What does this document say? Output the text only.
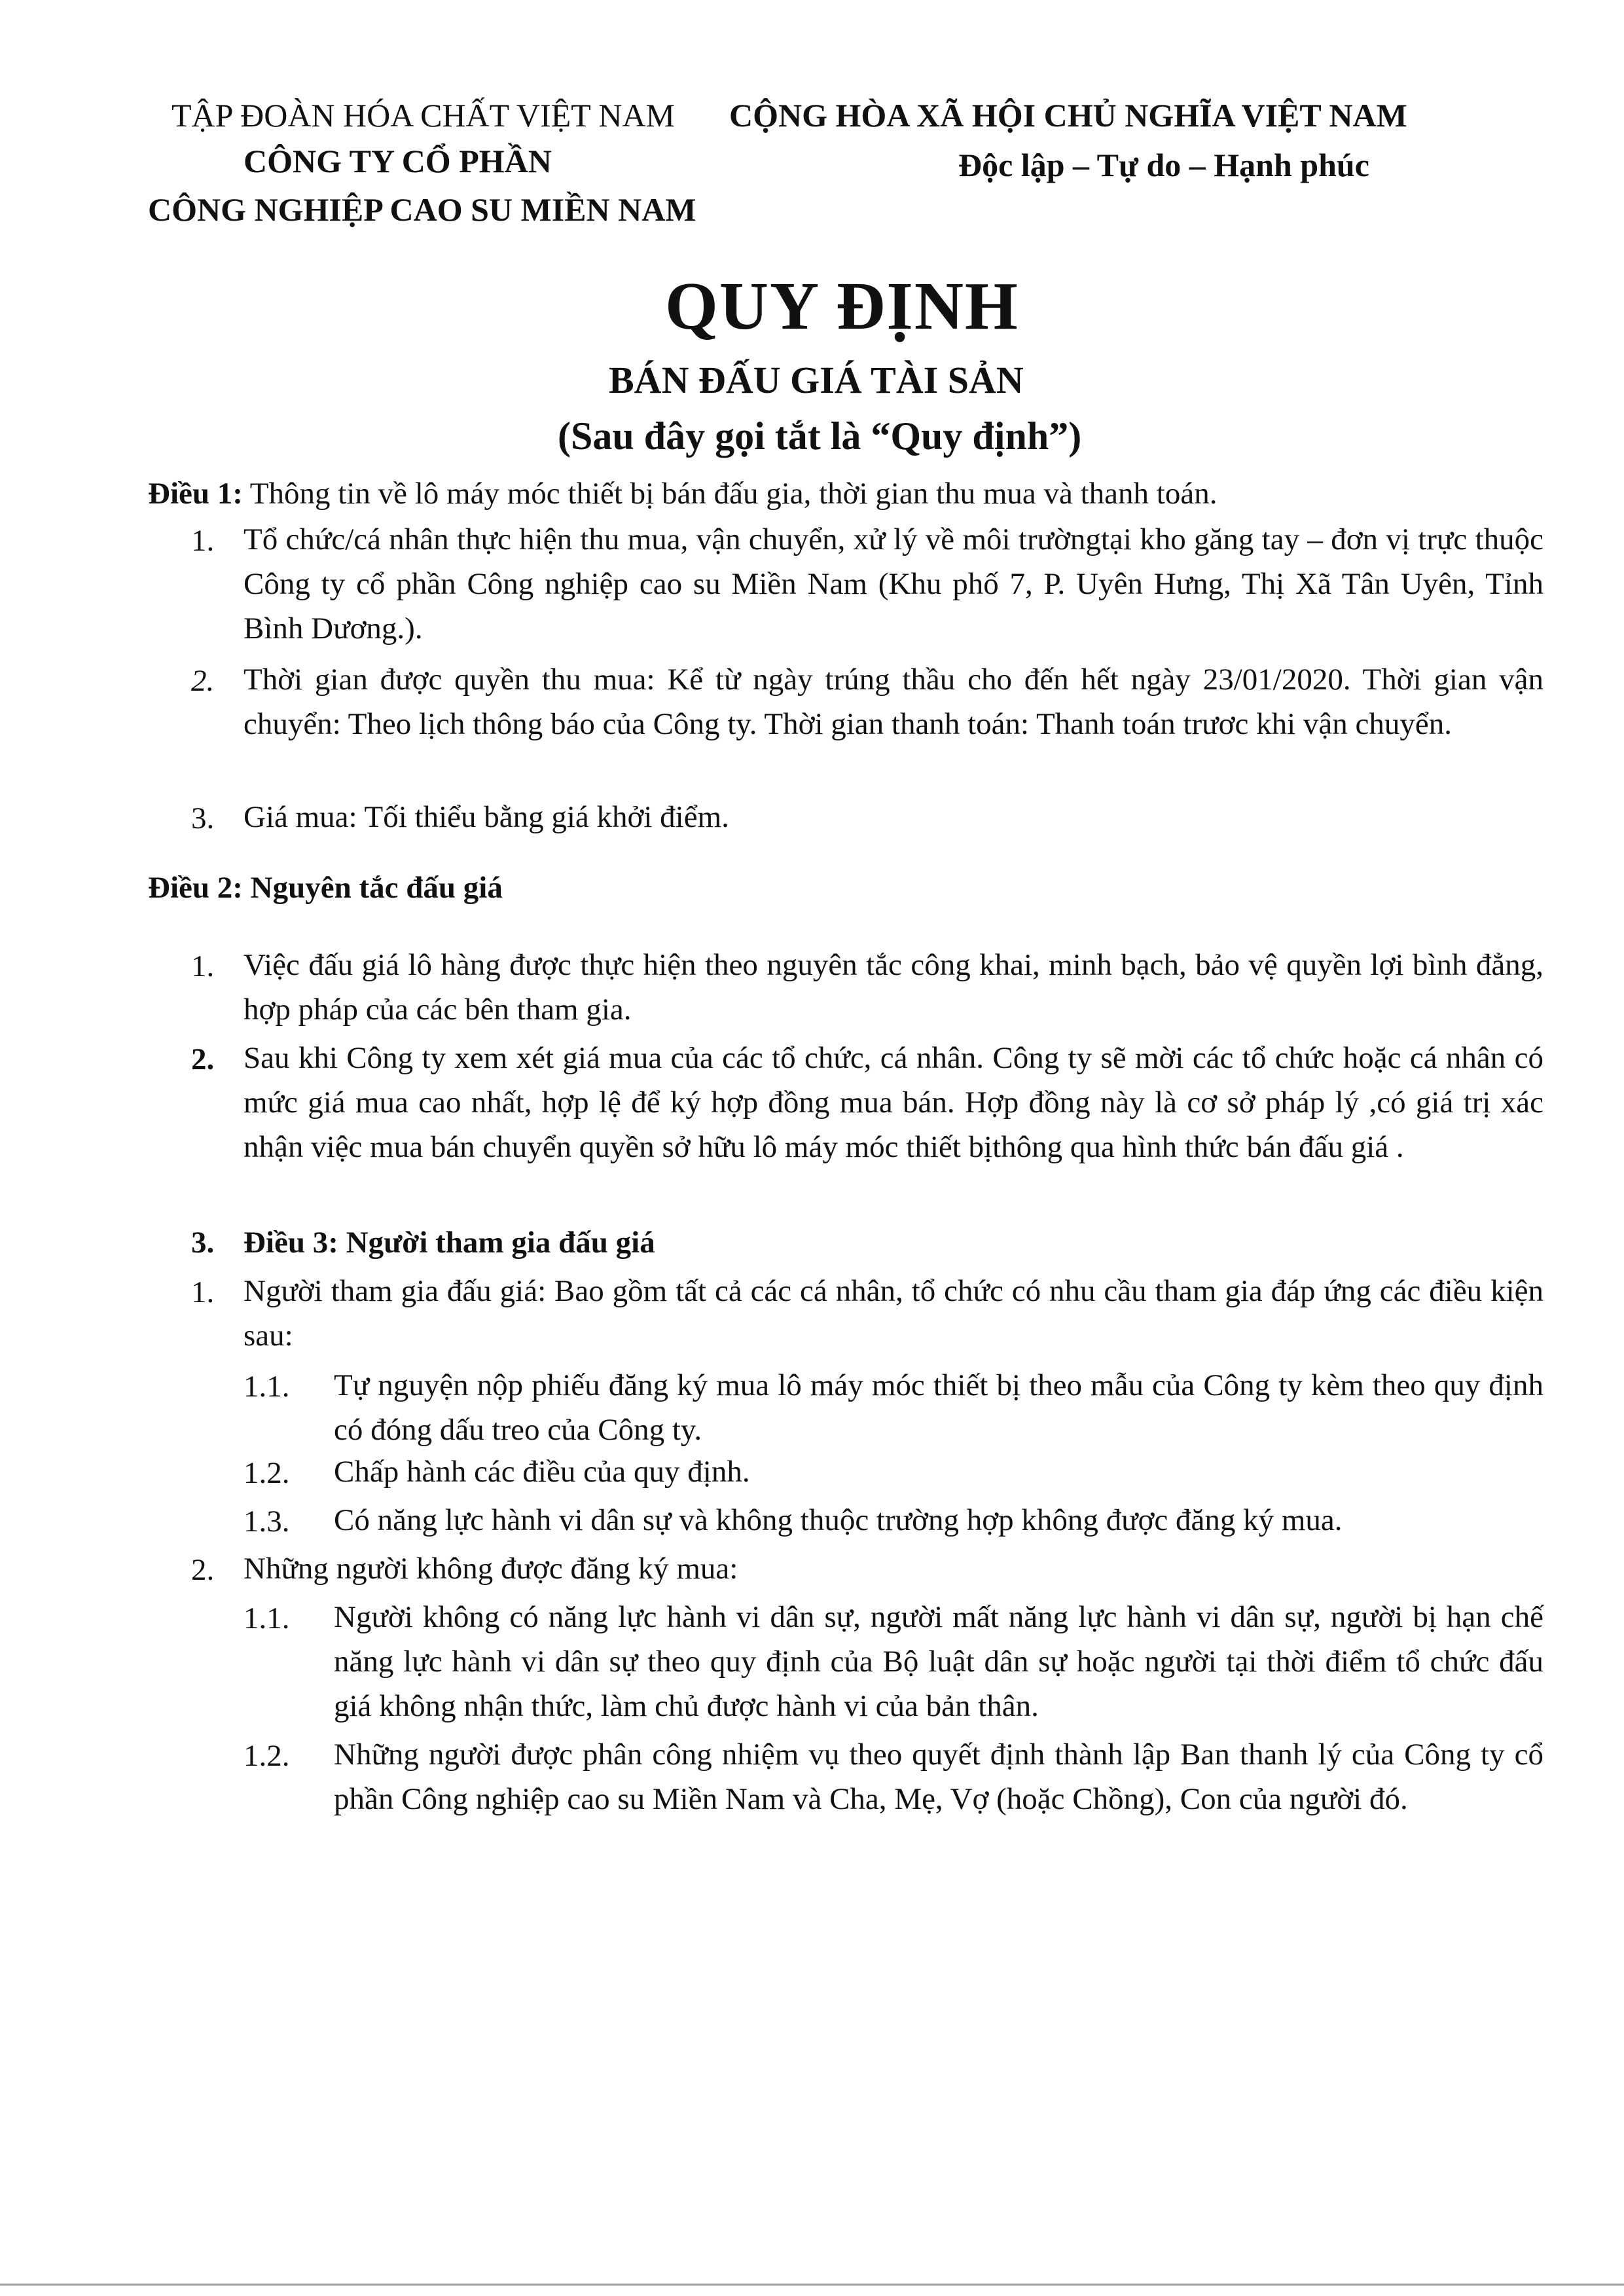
TẬP ĐOÀN HÓA CHẤT VIỆT NAM
CÔNG TY CỔ PHẦN
CÔNG NGHIỆP CAO SU MIỀN NAM
CỘNG HÒA XÃ HỘI CHỦ NGHĨA VIỆT NAM
Độc lập – Tự do – Hạnh phúc
QUY ĐỊNH
BÁN ĐẤU GIÁ TÀI SẢN
(Sau đây gọi tắt là “Quy định”)
Điều 1: Thông tin về lô máy móc thiết bị bán đấu gia, thời gian thu mua và thanh toán.
1. Tổ chức/cá nhân thực hiện thu mua, vận chuyển, xử lý về môi trườngtại kho găng tay – đơn vị trực thuộc Công ty cổ phần Công nghiệp cao su Miền Nam (Khu phố 7, P. Uyên Hưng, Thị Xã Tân Uyên, Tỉnh Bình Dương.).
2. Thời gian được quyền thu mua: Kể từ ngày trúng thầu cho đến hết ngày 23/01/2020. Thời gian vận chuyển: Theo lịch thông báo của Công ty. Thời gian thanh toán: Thanh toán trươc khi vận chuyển.
3. Giá mua: Tối thiểu bằng giá khởi điểm.
Điều 2: Nguyên tắc đấu giá
1. Việc đấu giá lô hàng được thực hiện theo nguyên tắc công khai, minh bạch, bảo vệ quyền lợi bình đẳng, hợp pháp của các bên tham gia.
2. Sau khi Công ty xem xét giá mua của các tổ chức, cá nhân. Công ty sẽ mời các tổ chức hoặc cá nhân có mức giá mua cao nhất, hợp lệ để ký hợp đồng mua bán. Hợp đồng này là cơ sở pháp lý ,có giá trị xác nhận việc mua bán chuyển quyền sở hữu lô máy móc thiết bịthông qua hình thức bán đấu giá .
3. Điều 3: Người tham gia đấu giá
1. Người tham gia đấu giá: Bao gồm tất cả các cá nhân, tổ chức có nhu cầu tham gia đáp ứng các điều kiện sau:
1.1. Tự nguyện nộp phiếu đăng ký mua lô máy móc thiết bị theo mẫu của Công ty kèm theo quy định có đóng dấu treo của Công ty.
1.2. Chấp hành các điều của quy định.
1.3. Có năng lực hành vi dân sự và không thuộc trường hợp không được đăng ký mua.
2. Những người không được đăng ký mua:
1.1. Người không có năng lực hành vi dân sự, người mất năng lực hành vi dân sự, người bị hạn chế năng lực hành vi dân sự theo quy định của Bộ luật dân sự hoặc người tại thời điểm tổ chức đấu giá không nhận thức, làm chủ được hành vi của bản thân.
1.2. Những người được phân công nhiệm vụ theo quyết định thành lập Ban thanh lý của Công ty cổ phần Công nghiệp cao su Miền Nam và Cha, Mẹ, Vợ (hoặc Chồng), Con của người đó.
